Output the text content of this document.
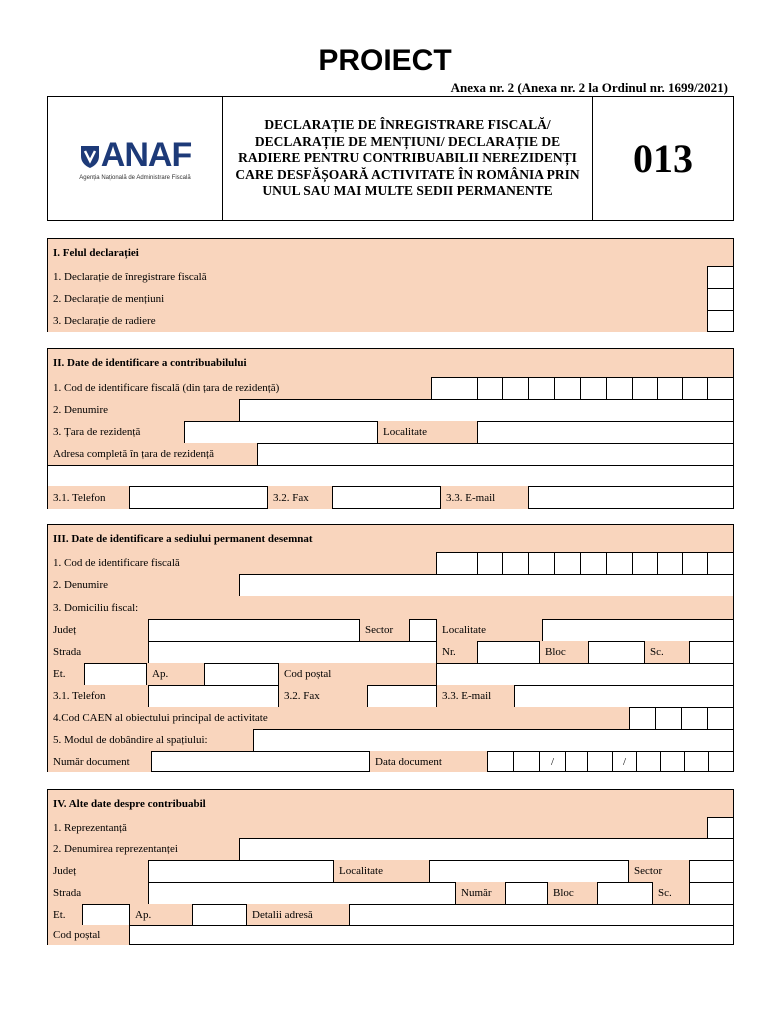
PROIECT
Anexa nr. 2 (Anexa nr. 2 la Ordinul nr. 1699/2021)
ANAF
Agenția Națională de Administrare Fiscală
DECLARAȚIE DE ÎNREGISTRARE FISCALĂ/ DECLARAȚIE DE MENȚIUNI/ DECLARAȚIE DE RADIERE PENTRU CONTRIBUABILII NEREZIDENȚI CARE DESFĂȘOARĂ ACTIVITATE ÎN ROMÂNIA PRIN UNUL SAU MAI MULTE SEDII PERMANENTE
013
I. Felul declarației
1. Declarație de înregistrare fiscală
2. Declarație de mențiuni
3. Declarație de radiere
II. Date de identificare a contribuabilului
1. Cod de identificare fiscală (din țara de rezidență)
2. Denumire
3. Țara de rezidență	Localitate
Adresa completă în țara de rezidență
3.1. Telefon	3.2. Fax	3.3. E-mail
III. Date de identificare a sediului permanent desemnat
1. Cod de identificare fiscală
2. Denumire
3. Domiciliu fiscal:
Județ	Sector	Localitate
Strada	Nr.	Bloc	Sc.
Et.	Ap.	Cod poștal
3.1. Telefon	3.2. Fax	3.3. E-mail
4.Cod CAEN al obiectului principal de activitate
5. Modul de dobândire al spațiului:
Număr document	Data document	/	/
IV. Alte date despre contribuabil
1. Reprezentanță
2. Denumirea reprezentanței
Județ	Localitate	Sector
Strada	Număr	Bloc	Sc.
Et.	Ap.	Detalii adresă
Cod poștal
